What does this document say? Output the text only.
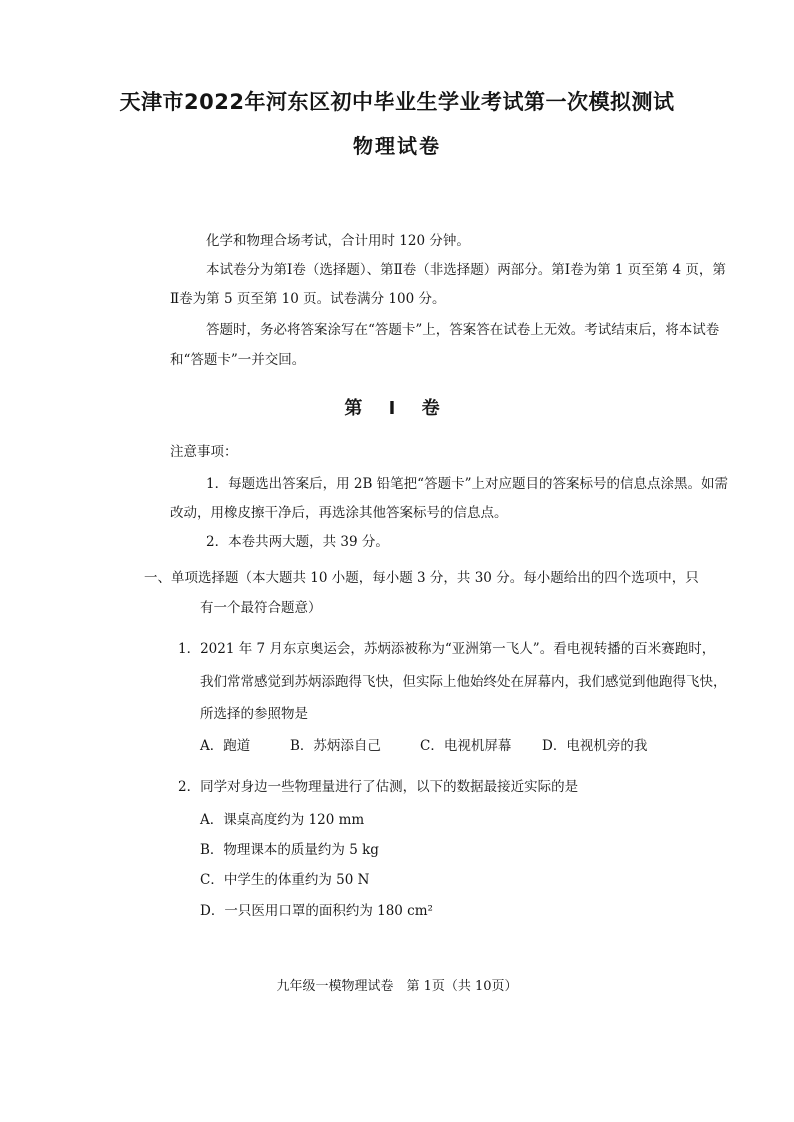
天津市2022年河东区初中毕业生学业考试第一次模拟测试
物理试卷
化学和物理合场考试，合计用时 120 分钟。
本试卷分为第Ⅰ卷（选择题）、第Ⅱ卷（非选择题）两部分。第Ⅰ卷为第 1 页至第 4 页，第
Ⅱ卷为第 5 页至第 10 页。试卷满分 100 分。
答题时，务必将答案涂写在“答题卡”上，答案答在试卷上无效。考试结束后，将本试卷
和“答题卡”一并交回。
第 Ⅰ 卷
注意事项：
1．每题选出答案后，用 2B 铅笔把“答题卡”上对应题目的答案标号的信息点涂黑。如需
改动，用橡皮擦干净后，再选涂其他答案标号的信息点。
2．本卷共两大题，共 39 分。
一、单项选择题（本大题共 10 小题，每小题 3 分，共 30 分。每小题给出的四个选项中，只
有一个最符合题意）
1．2021 年 7 月东京奥运会，苏炳添被称为“亚洲第一飞人”。看电视转播的百米赛跑时，
我们常常感觉到苏炳添跑得飞快，但实际上他始终处在屏幕内，我们感觉到他跑得飞快，
所选择的参照物是
A．跑道	B．苏炳添自己	C．电视机屏幕 D．电视机旁的我
2．同学对身边一些物理量进行了估测，以下的数据最接近实际的是
A．课桌高度约为 120 mm
B．物理课本的质量约为 5 kg
C．中学生的体重约为 50 N
D．一只医用口罩的面积约为 180 cm²
九年级一模物理试卷　第 1页（共 10页）
